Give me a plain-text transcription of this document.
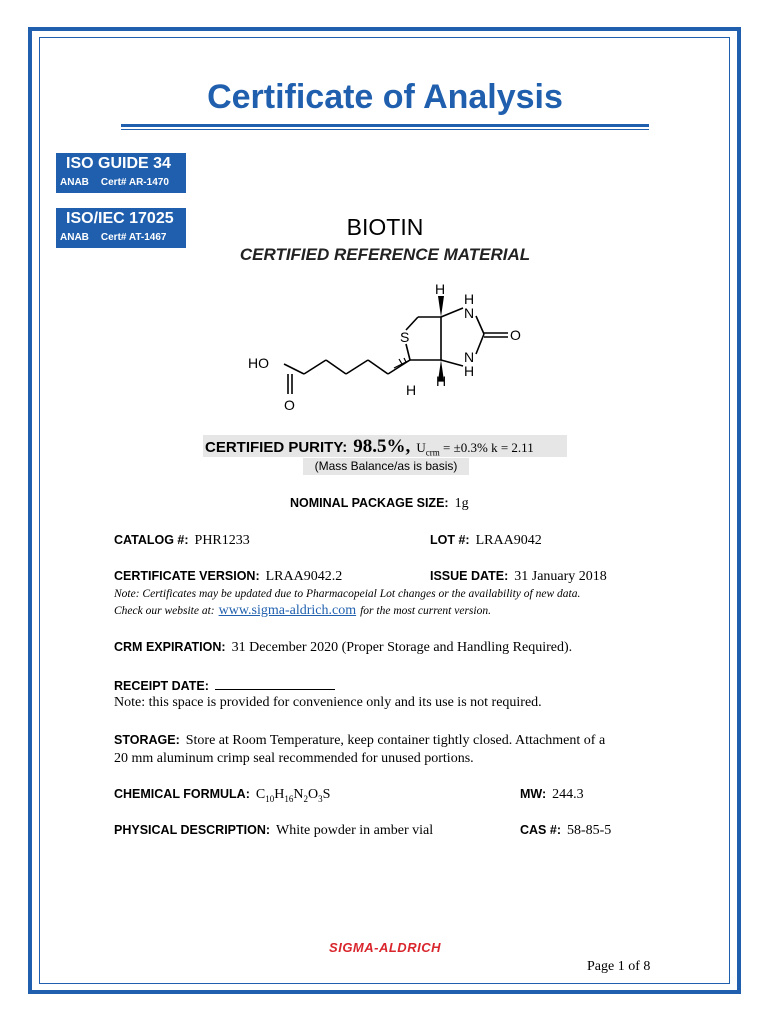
Certificate of Analysis
ISO GUIDE 34
ANAB Cert# AR-1470
ISO/IEC 17025
ANAB Cert# AT-1467	BIOTIN
CERTIFIED REFERENCE MATERIAL
H
H
N
O
S
HO	N
H
H
H
O
CERTIFIED PURITY: 98.5%, $U_{crm} = \pm 0.3\%$ k = 2.11
(Mass Balance/as is basis)
NOMINAL PACKAGE SIZE: 1g
CATALOG #: PHR1233	LOT #: LRAA9042
CERTIFICATE VERSION: LRAA9042.2	ISSUE DATE: 31 January 2018
Note: Certificates may be updated due to Pharmacopeial Lot changes or the availability of new data.
Check our website at: www.sigma-aldrich.com for the most current version.
CRM EXPIRATION: 31 December 2020 (Proper Storage and Handling Required).
RECEIPT DATE:
Note: this space is provided for convenience only and its use is not required.
STORAGE: Store at Room Temperature, keep container tightly closed. Attachment of a
20 mm aluminum crimp seal recommended for unused portions.
CHEMICAL FORMULA: $C_{10}H_{16}N_2O_3S$	MW: 244.3
PHYSICAL DESCRIPTION: White powder in amber vial	CAS #: 58-85-5
SIGMA-ALDRICH
Page 1 of 8
